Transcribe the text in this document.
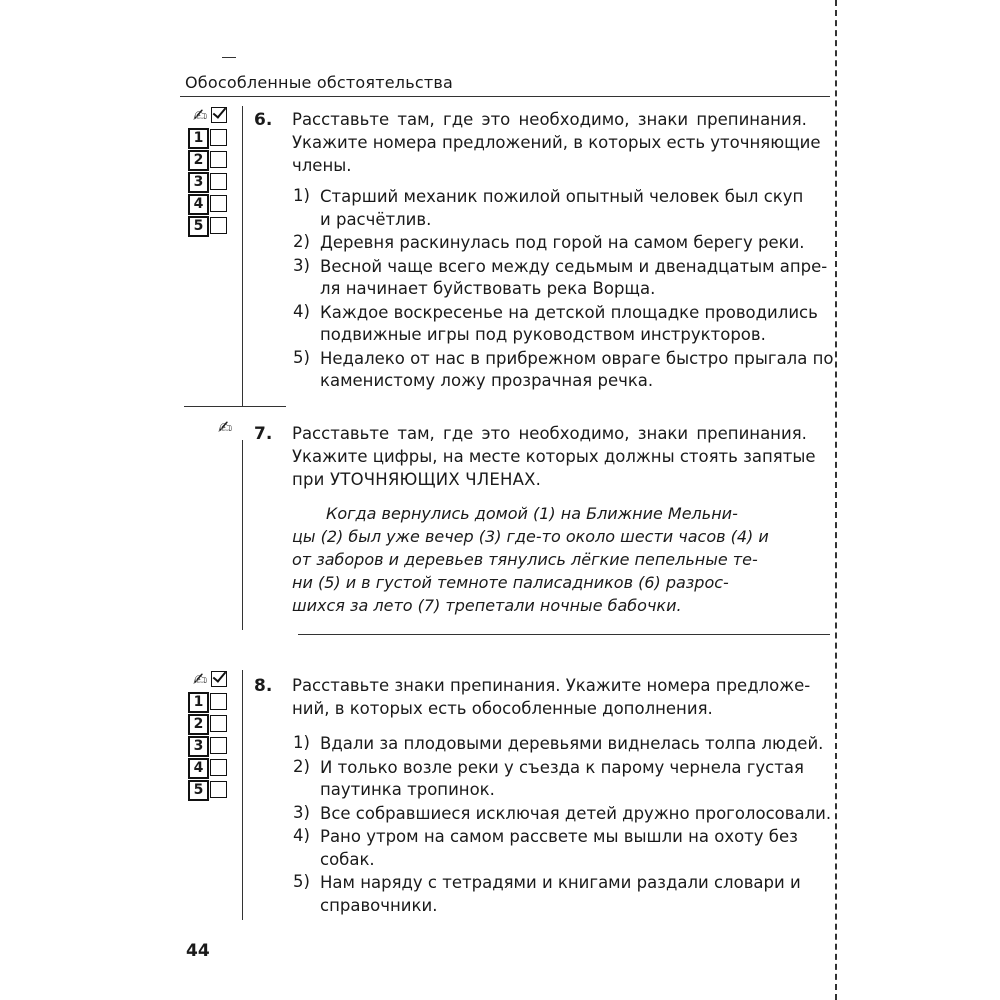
Обособленные обстоятельства
✍
1
2
3
4
5
6. Расставьте там, где это необходимо, знаки препинания.
Укажите номера предложений, в которых есть уточняющие
члены.
1) Старший механик пожилой опытный человек был скуп
и расчётлив.
2) Деревня раскинулась под горой на самом берегу реки.
3) Весной чаще всего между седьмым и двенадцатым апре-
ля начинает буйствовать река Ворща.
4) Каждое воскресенье на детской площадке проводились
подвижные игры под руководством инструкторов.
5) Недалеко от нас в прибрежном овраге быстро прыгала по
каменистому ложу прозрачная речка.
✍ 7. Расставьте там, где это необходимо, знаки препинания.
Укажите цифры, на месте которых должны стоять запятые
при УТОЧНЯЮЩИХ ЧЛЕНАХ.
Когда вернулись домой (1) на Ближние Мельни-
цы (2) был уже вечер (3) где-то около шести часов (4) и
от заборов и деревьев тянулись лёгкие пепельные те-
ни (5) и в густой темноте палисадников (6) разрос-
шихся за лето (7) трепетали ночные бабочки.
✍
1
2
3
4
5
8. Расставьте знаки препинания. Укажите номера предложе-
ний, в которых есть обособленные дополнения.
1) Вдали за плодовыми деревьями виднелась толпа людей.
2) И только возле реки у съезда к парому чернела густая
паутинка тропинок.
3) Все собравшиеся исключая детей дружно проголосовали.
4) Рано утром на самом рассвете мы вышли на охоту без
собак.
5) Нам наряду с тетрадями и книгами раздали словари и
справочники.
44
